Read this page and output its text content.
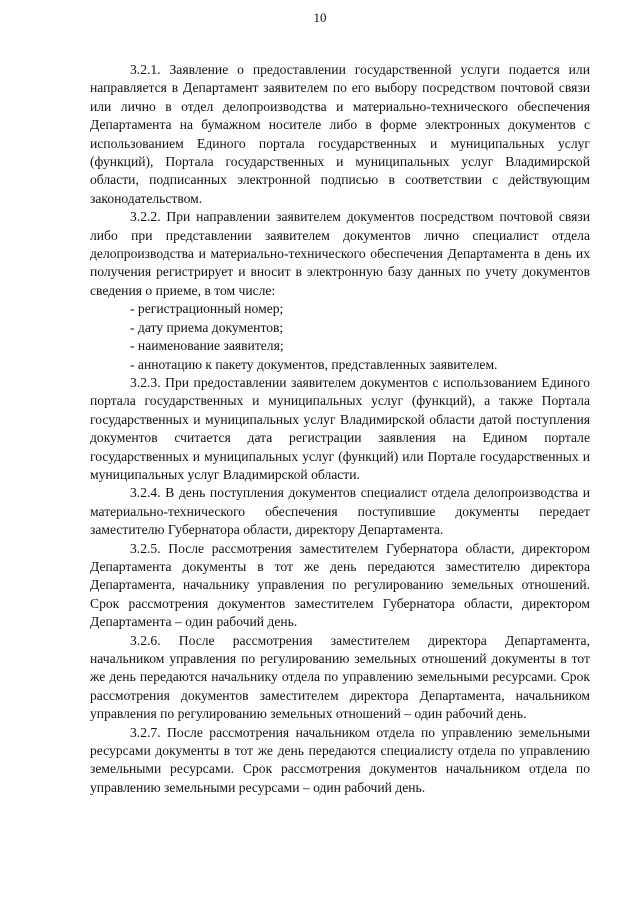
10

3.2.1. Заявление о предоставлении государственной услуги подается или направляется в Департамент заявителем по его выбору посредством почтовой связи или лично в отдел делопроизводства и материально-технического обеспечения Департамента на бумажном носителе либо в форме электронных документов с использованием Единого портала государственных и муниципальных услуг (функций), Портала государственных и муниципальных услуг Владимирской области, подписанных электронной подписью в соответствии с действующим законодательством.

3.2.2. При направлении заявителем документов посредством почтовой связи либо при представлении заявителем документов лично специалист отдела делопроизводства и материально-технического обеспечения Департамента в день их получения регистрирует и вносит в электронную базу данных по учету документов сведения о приеме, в том числе:

- регистрационный номер;

- дату приема документов;

- наименование заявителя;

- аннотацию к пакету документов, представленных заявителем.

3.2.3. При предоставлении заявителем документов с использованием Единого портала государственных и муниципальных услуг (функций), а также Портала государственных и муниципальных услуг Владимирской области датой поступления документов считается дата регистрации заявления на Едином портале государственных и муниципальных услуг (функций) или Портале государственных и муниципальных услуг Владимирской области.

3.2.4. В день поступления документов специалист отдела делопроизводства и материально-технического обеспечения поступившие документы передает заместителю Губернатора области, директору Департамента.

3.2.5. После рассмотрения заместителем Губернатора области, директором Департамента документы в тот же день передаются заместителю директора Департамента, начальнику управления по регулированию земельных отношений. Срок рассмотрения документов заместителем Губернатора области, директором Департамента – один рабочий день.

3.2.6. После рассмотрения заместителем директора Департамента, начальником управления по регулированию земельных отношений документы в тот же день передаются начальнику отдела по управлению земельными ресурсами. Срок рассмотрения документов заместителем директора Департамента, начальником управления по регулированию земельных отношений – один рабочий день.

3.2.7. После рассмотрения начальником отдела по управлению земельными ресурсами документы в тот же день передаются специалисту отдела по управлению земельными ресурсами. Срок рассмотрения документов начальником отдела по управлению земельными ресурсами – один рабочий день.
